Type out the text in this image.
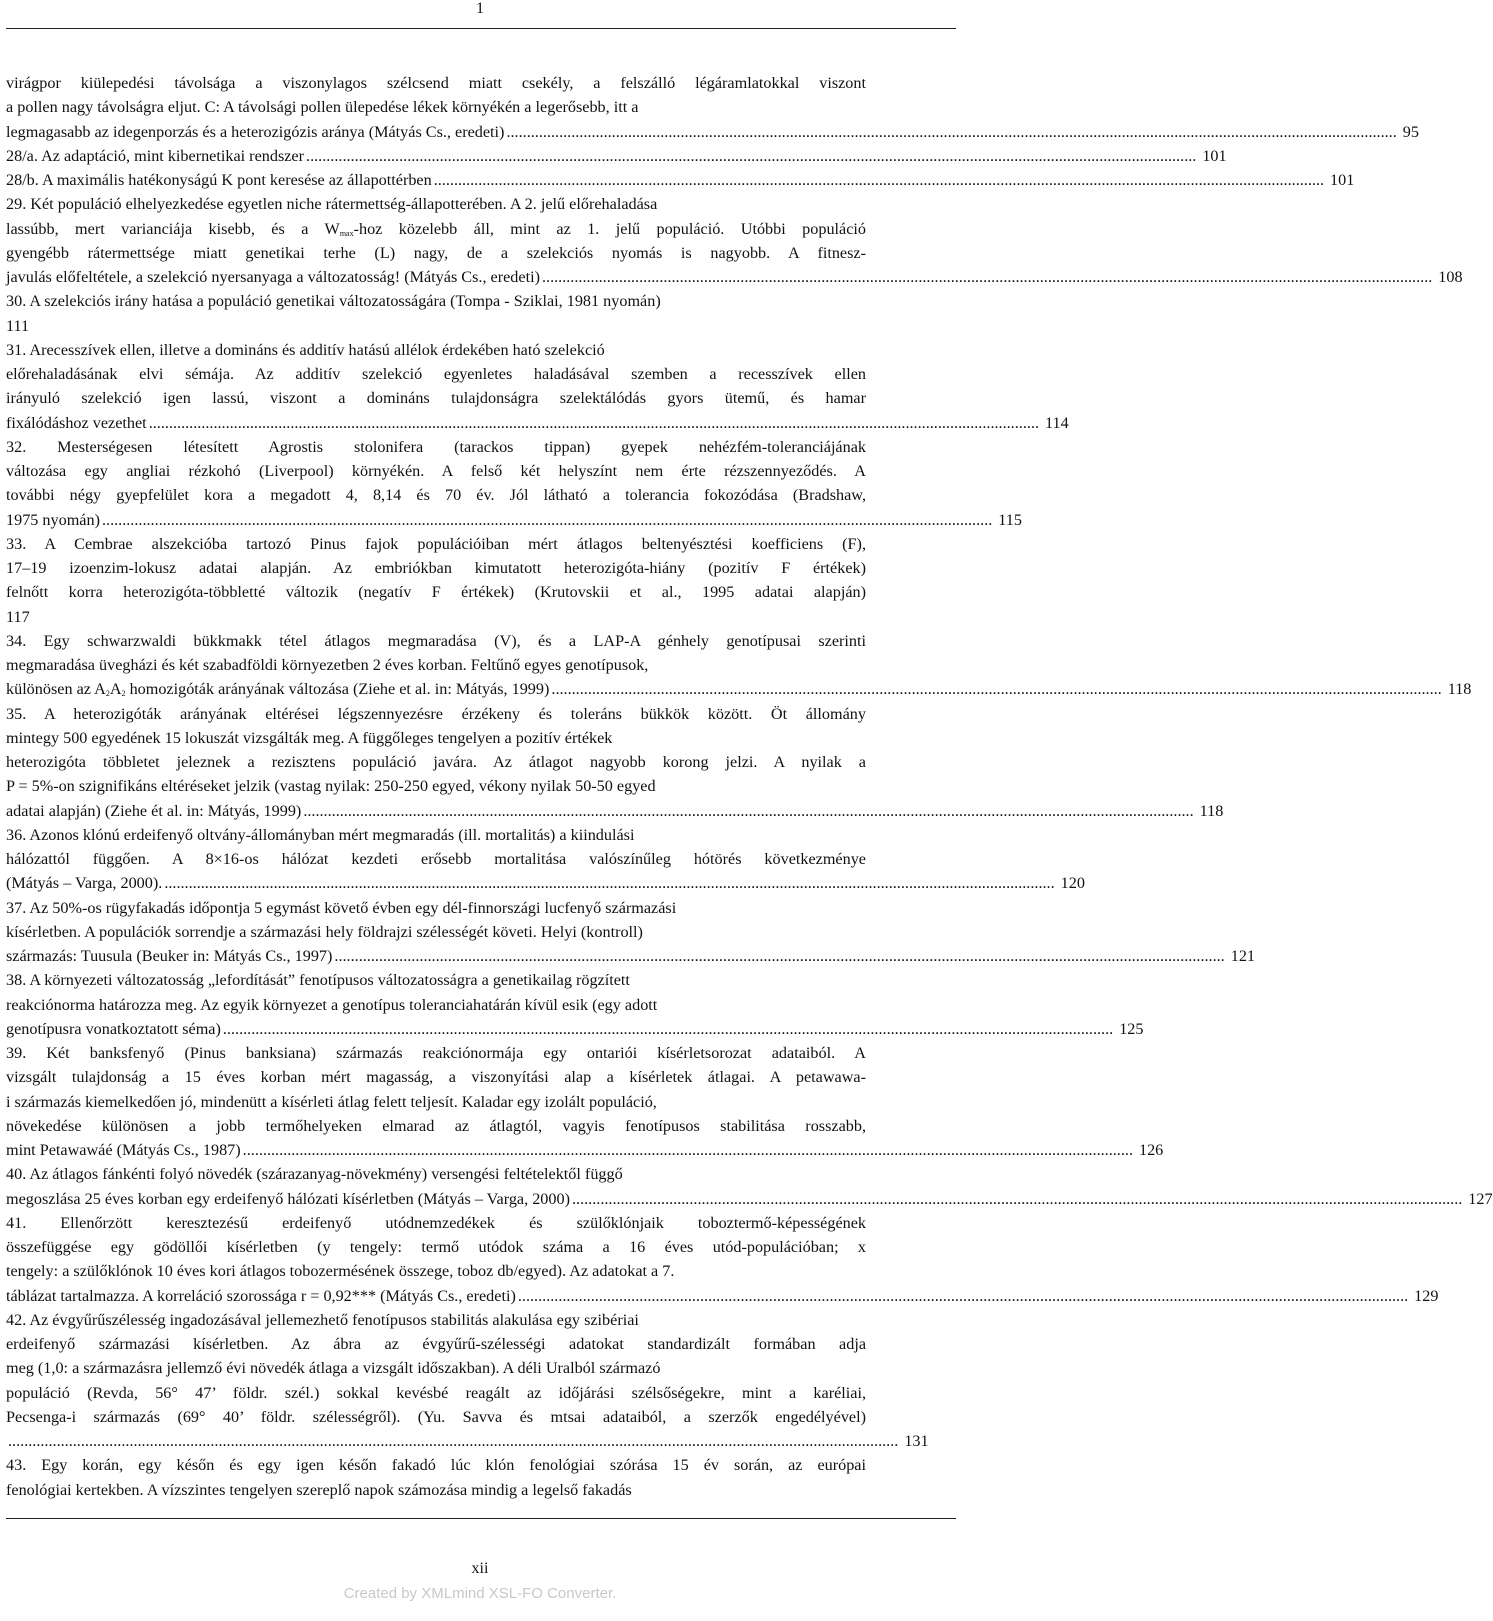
1
virágpor kiülepedési távolsága a viszonylagos szélcsend miatt csekély, a felszálló légáramlatokkal viszont
a pollen nagy távolságra eljut. C: A távolsági pollen ülepedése lékek környékén a legerősebb, itt a
legmagasabb az idegenporzás és a heterozigózis aránya (Mátyás Cs., eredeti) ............................................................................................................................................................................................................................ 95
28/a. Az adaptáció, mint kibernetikai rendszer ............................................................................................................................................................................................................................ 101
28/b. A maximális hatékonyságú K pont keresése az állapottérben ............................................................................................................................................................................................................................ 101
29. Két populáció elhelyezkedése egyetlen niche rátermettség-állapotterében. A 2. jelű előrehaladása
lassúbb, mert varianciája kisebb, és a $W_{max}$-hoz közelebb áll, mint az 1. jelű populáció. Utóbbi populáció
gyengébb rátermettsége miatt genetikai terhe (L) nagy, de a szelekciós nyomás is nagyobb. A fitnesz-
javulás előfeltétele, a szelekció nyersanyaga a változatosság! (Mátyás Cs., eredeti) ............................................................................................................................................................................................................................ 108
30. A szelekciós irány hatása a populáció genetikai változatosságára (Tompa - Sziklai, 1981 nyomán)
111
31. Arecesszívek ellen, illetve a domináns és additív hatású allélok érdekében ható szelekció
előrehaladásának elvi sémája. Az additív szelekció egyenletes haladásával szemben a recesszívek ellen
irányuló szelekció igen lassú, viszont a domináns tulajdonságra szelektálódás gyors ütemű, és hamar
fixálódáshoz vezethet ............................................................................................................................................................................................................................ 114
32. Mesterségesen létesített Agrostis stolonifera (tarackos tippan) gyepek nehézfém-toleranciájának
változása egy angliai rézkohó (Liverpool) környékén. A felső két helyszínt nem érte rézszennyeződés. A
további négy gyepfelület kora a megadott 4, 8,14 és 70 év. Jól látható a tolerancia fokozódása (Bradshaw,
1975 nyomán) ............................................................................................................................................................................................................................ 115
33. A Cembrae alszekcióba tartozó Pinus fajok populációiban mért átlagos beltenyésztési koefficiens (F),
17–19 izoenzim-lokusz adatai alapján. Az embriókban kimutatott heterozigóta-hiány (pozitív F értékek)
felnőtt korra heterozigóta-többletté változik (negatív F értékek) (Krutovskii et al., 1995 adatai alapján)
117
34. Egy schwarzwaldi bükkmakk tétel átlagos megmaradása (V), és a LAP-A génhely genotípusai szerinti
megmaradása üvegházi és két szabadföldi környezetben 2 éves korban. Feltűnő egyes genotípusok,
különösen az $A_2A_2$ homozigóták arányának változása (Ziehe et al. in: Mátyás, 1999) ............................................................................................................................................................................................................................ 118
35. A heterozigóták arányának eltérései légszennyezésre érzékeny és toleráns bükkök között. Öt állomány
mintegy 500 egyedének 15 lokuszát vizsgálták meg. A függőleges tengelyen a pozitív értékek
heterozigóta többletet jeleznek a rezisztens populáció javára. Az átlagot nagyobb korong jelzi. A nyilak a
P = 5%-on szignifikáns eltéréseket jelzik (vastag nyilak: 250-250 egyed, vékony nyilak 50-50 egyed
adatai alapján) (Ziehe ét al. in: Mátyás, 1999) ............................................................................................................................................................................................................................ 118
36. Azonos klónú erdeifenyő oltvány-állományban mért megmaradás (ill. mortalitás) a kiindulási
hálózattól függően. A 8×16-os hálózat kezdeti erősebb mortalitása valószínűleg hótörés következménye
(Mátyás – Varga, 2000). ............................................................................................................................................................................................................................ 120
37. Az 50%-os rügyfakadás időpontja 5 egymást követő évben egy dél-finnországi lucfenyő származási
kísérletben. A populációk sorrendje a származási hely földrajzi szélességét követi. Helyi (kontroll)
származás: Tuusula (Beuker in: Mátyás Cs., 1997) ............................................................................................................................................................................................................................ 121
38. A környezeti változatosság „lefordítását” fenotípusos változatosságra a genetikailag rögzített
reakciónorma határozza meg. Az egyik környezet a genotípus toleranciahatárán kívül esik (egy adott
genotípusra vonatkoztatott séma) ............................................................................................................................................................................................................................ 125
39. Két banksfenyő (Pinus banksiana) származás reakciónormája egy ontariói kísérletsorozat adataiból. A
vizsgált tulajdonság a 15 éves korban mért magasság, a viszonyítási alap a kísérletek átlagai. A petawawa-
i származás kiemelkedően jó, mindenütt a kísérleti átlag felett teljesít. Kaladar egy izolált populáció,
növekedése különösen a jobb termőhelyeken elmarad az átlagtól, vagyis fenotípusos stabilitása rosszabb,
mint Petawawáé (Mátyás Cs., 1987) ............................................................................................................................................................................................................................ 126
40. Az átlagos fánkénti folyó növedék (szárazanyag-növekmény) versengési feltételektől függő
megoszlása 25 éves korban egy erdeifenyő hálózati kísérletben (Mátyás – Varga, 2000) ............................................................................................................................................................................................................................ 127
41. Ellenőrzött keresztezésű erdeifenyő utódnemzedékek és szülőklónjaik toboztermő-képességének
összefüggése egy gödöllői kísérletben (y tengely: termő utódok száma a 16 éves utód-populációban; x
tengely: a szülőklónok 10 éves kori átlagos tobozermésének összege, toboz db/egyed). Az adatokat a 7.
táblázat tartalmazza. A korreláció szorossága r = 0,92*** (Mátyás Cs., eredeti) ............................................................................................................................................................................................................................ 129
42. Az évgyűrűszélesség ingadozásával jellemezhető fenotípusos stabilitás alakulása egy szibériai
erdeifenyő származási kísérletben. Az ábra az évgyűrű-szélességi adatokat standardizált formában adja
meg (1,0: a származásra jellemző évi növedék átlaga a vizsgált időszakban). A déli Uralból származó
populáció (Revda, 56° 47’ földr. szél.) sokkal kevésbé reagált az időjárási szélsőségekre, mint a karéliai,
Pecsenga-i származás (69° 40’ földr. szélességről). (Yu. Savva és mtsai adataiból, a szerzők engedélyével)
............................................................................................................................................................................................................................ 131
43. Egy korán, egy későn és egy igen későn fakadó lúc klón fenológiai szórása 15 év során, az európai
fenológiai kertekben. A vízszintes tengelyen szereplő napok számozása mindig a legelső fakadás
xii
Created by XMLmind XSL-FO Converter.
